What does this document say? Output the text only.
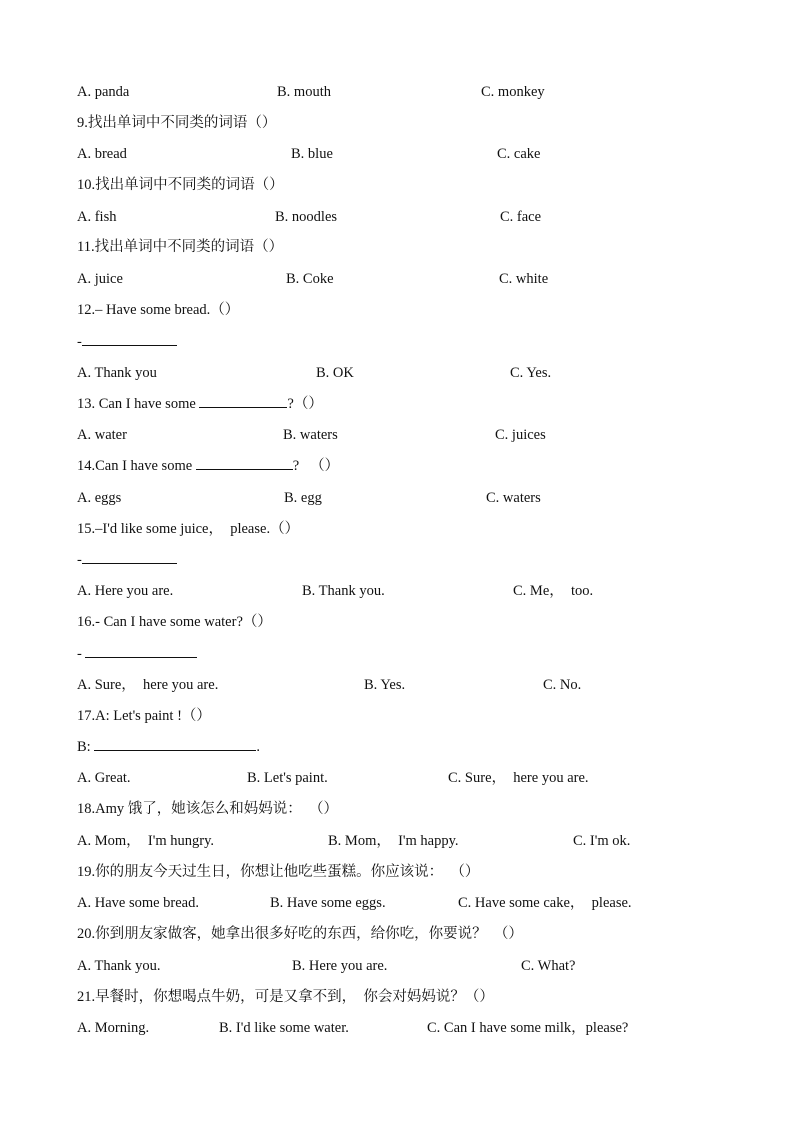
A. panda

	B. mouth

	C. monkey

9.找出单词中不同类的词语（）

A. bread

	B. blue

	C. cake

10.找出单词中不同类的词语（）

A. fish

	B. noodles

	C. face

11.找出单词中不同类的词语（）

A. juice

	B. Coke

	C. white

12.– Have some bread.（）

-

A. Thank you

	B. OK

	C. Yes.

13. Can I have some	?（）

A. water

	B. waters

	C. juices

14.Can I have some	?   （）

A. eggs

	B. egg

	C. waters

15.–I'd like some juice，  please.（）

-

A. Here you are.

	B. Thank you.

	C. Me，  too.

16.- Can I have some water?（）

-

A. Sure，  here you are.

	B. Yes.

	C. No.

17.A: Let's paint !（）

B:	.

A. Great.

	B. Let's paint.

	C. Sure，  here you are.

18.Amy 饿了，她该怎么和妈妈说：  （）

A. Mom，  I'm hungry.

	B. Mom，  I'm happy.

	C. I'm ok.

19.你的朋友今天过生日，你想让他吃些蛋糕。你应该说：  （）

A. Have some bread.

	B. Have some eggs.

	C. Have some cake，  please.

20.你到朋友家做客，她拿出很多好吃的东西，给你吃，你要说？  （）

A. Thank you.

	B. Here you are.

	C. What?

21.早餐时，你想喝点牛奶，可是又拿不到，  你会对妈妈说？（）

A. Morning.

	B. I'd like some water.

	C. Can I have some milk，please?
